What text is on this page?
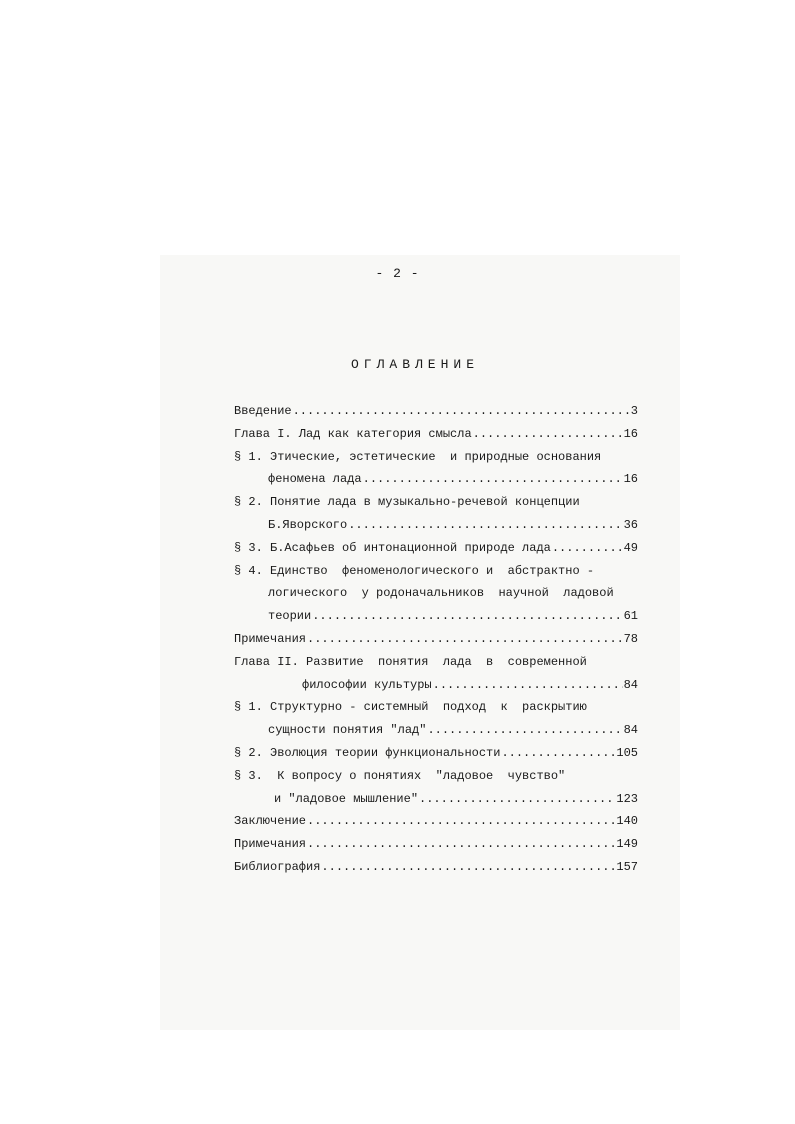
- 2 -
ОГЛАВЛЕНИЕ
Введение .....	3
Глава I. Лад как категория смысла .....	16
§ 1. Этические, эстетические  и природные основания
феномена лада .....	16
§ 2. Понятие лада в музыкально-речевой концепции
Б.Яворского .....	36
§ 3. Б.Асафьев об интонационной природе лада .....	49
§ 4. Единство  феноменологического и  абстрактно -
логического  у родоначальников  научной  ладовой
теории .....	61
Примечания .....	78
Глава II. Развитие  понятия  лада  в  современной
философии культуры .....	84
§ 1. Структурно - системный  подход  к  раскрытию
сущности понятия "лад" .....	84
§ 2. Эволюция теории функциональности .....	105
§ 3.  К вопросу о понятиях  "ладовое  чувство"
и "ладовое мышление" .....	123
Заключение .....	140
Примечания .....	149
Библиография .....	157
